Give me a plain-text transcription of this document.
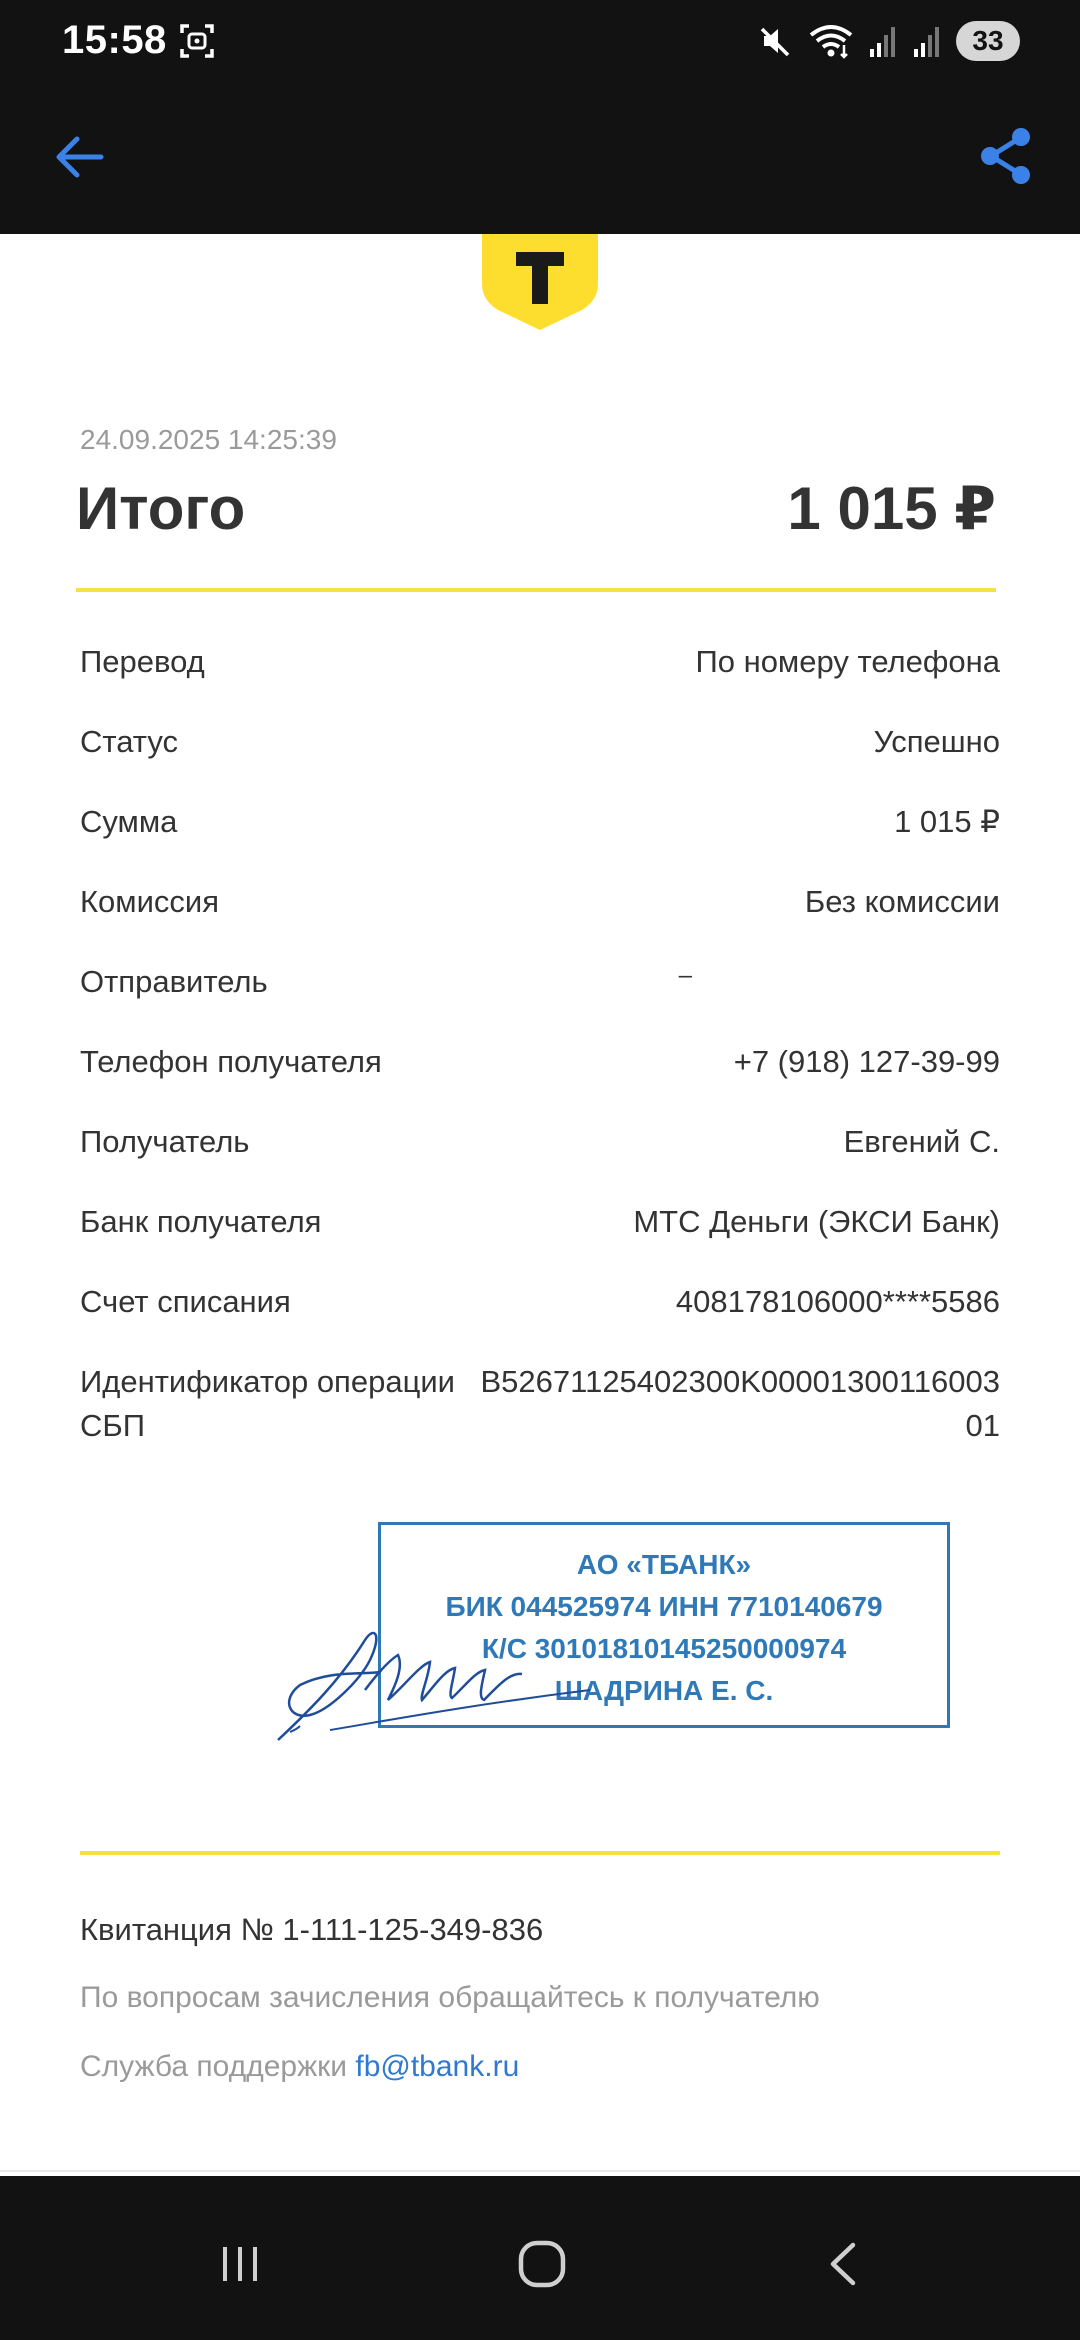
15:58	33
24.09.2025 14:25:39
Итого	1 015 ₽
Перевод	По номеру телефона
Статус	Успешно
Сумма	1 015 ₽
Комиссия	Без комиссии
Отправитель	–
Телефон получателя	+7 (918) 127-39-99
Получатель	Евгений С.
Банк получателя	МТС Деньги (ЭКСИ Банк)
Счет списания	408178106000****5586
Идентификатор операции СБП
B52671125402300K0000130011600301
АО «ТБАНК»
БИК 044525974 ИНН 7710140679
К/С 30101810145250000974
ШАДРИНА Е. С.
Квитанция № 1-111-125-349-836
По вопросам зачисления обращайтесь к получателю
Служба поддержки fb@tbank.ru
